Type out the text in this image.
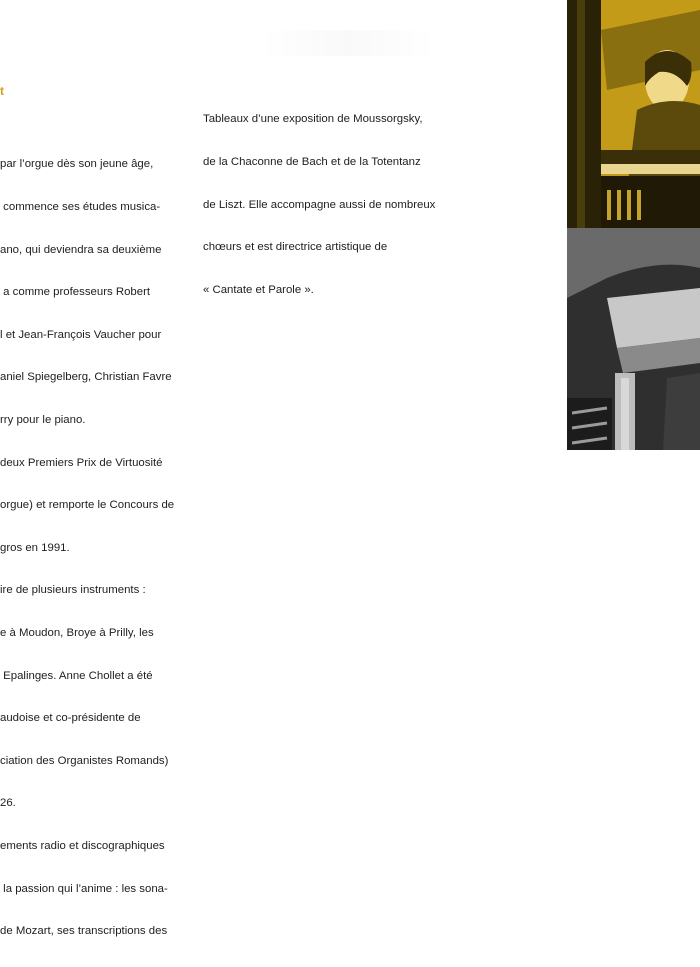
t

par l’orgue dès son jeune âge,

commence ses études musica-

ano, qui deviendra sa deuxième

a comme professeurs Robert

l et Jean-François Vaucher pour

aniel Spiegelberg, Christian Favre

rry pour le piano.

deux Premiers Prix de Virtuosité

orgue) et remporte le Concours de

gros en 1991.

ire de plusieurs instruments :

e à Moudon, Broye à Prilly, les

Epalinges. Anne Chollet a été

audoise et co-présidente de

ciation des Organistes Romands)

26.

ements radio et discographiques

la passion qui l’anime : les sona-

de Mozart, ses transcriptions des

Tableaux d’une exposition de Moussorgsky,

de la Chaconne de Bach et de la Totentanz

de Liszt. Elle accompagne aussi de nombreux

chœurs et est directrice artistique de

« Cantate et Parole ».
